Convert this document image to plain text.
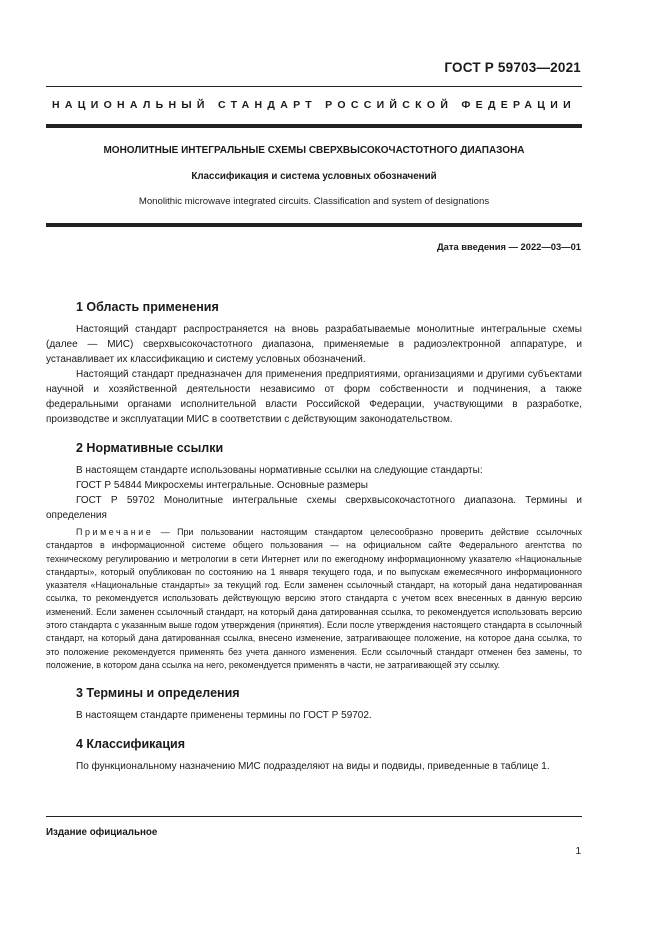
ГОСТ Р 59703—2021
НАЦИОНАЛЬНЫЙ СТАНДАРТ РОССИЙСКОЙ ФЕДЕРАЦИИ
МОНОЛИТНЫЕ ИНТЕГРАЛЬНЫЕ СХЕМЫ СВЕРХВЫСОКОЧАСТОТНОГО ДИАПАЗОНА
Классификация и система условных обозначений
Monolithic microwave integrated circuits. Classification and system of designations
Дата введения — 2022—03—01
1 Область применения

Настоящий стандарт распространяется на вновь разрабатываемые монолитные интегральные схемы (далее — МИС) сверхвысокочастотного диапазона, применяемые в радиоэлектронной аппаратуре, и устанавливает их классификацию и систему условных обозначений.

Настоящий стандарт предназначен для применения предприятиями, организациями и другими субъектами научной и хозяйственной деятельности независимо от форм собственности и подчинения, а также федеральными органами исполнительной власти Российской Федерации, участвующими в разработке, производстве и эксплуатации МИС в соответствии с действующим законодательством.

2 Нормативные ссылки

В настоящем стандарте использованы нормативные ссылки на следующие стандарты:

ГОСТ Р 54844 Микросхемы интегральные. Основные размеры

ГОСТ Р 59702 Монолитные интегральные схемы сверхвысокочастотного диапазона. Термины и определения

Примечание — При пользовании настоящим стандартом целесообразно проверить действие ссылочных стандартов в информационной системе общего пользования — на официальном сайте Федерального агентства по техническому регулированию и метрологии в сети Интернет или по ежегодному информационному указателю «Национальные стандарты», который опубликован по состоянию на 1 января текущего года, и по выпускам ежемесячного информационного указателя «Национальные стандарты» за текущий год. Если заменен ссылочный стандарт, на который дана недатированная ссылка, то рекомендуется использовать действующую версию этого стандарта с учетом всех внесенных в данную версию изменений. Если заменен ссылочный стандарт, на который дана датированная ссылка, то рекомендуется использовать версию этого стандарта с указанным выше годом утверждения (принятия). Если после утверждения настоящего стандарта в ссылочный стандарт, на который дана датированная ссылка, внесено изменение, затрагивающее положение, на которое дана ссылка, то это положение рекомендуется применять без учета данного изменения. Если ссылочный стандарт отменен без замены, то положение, в котором дана ссылка на него, рекомендуется применять в части, не затрагивающей эту ссылку.
3 Термины и определения

В настоящем стандарте применены термины по ГОСТ Р 59702.

4 Классификация

По функциональному назначению МИС подразделяют на виды и подвиды, приведенные в таблице 1.

Издание официальное
1
